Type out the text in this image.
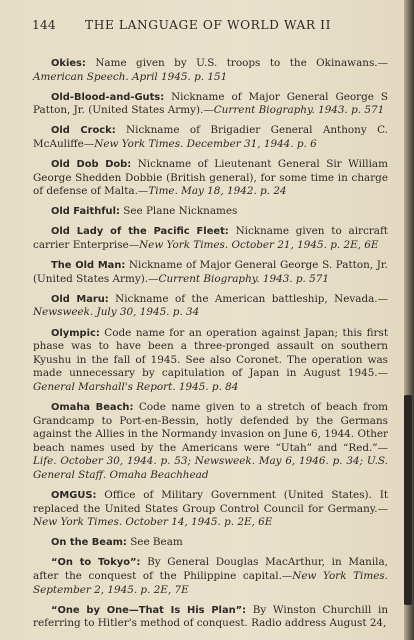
144	THE LANGUAGE OF WORLD WAR II

Okies: Name given by U.S. troops to the Okinawans.—American Speech. April 1945. p. 151

Old-Blood-and-Guts: Nickname of Major General George S Patton, Jr. (United States Army).—Current Biography. 1943. p. 571

Old Crock: Nickname of Brigadier General Anthony C. McAuliffe—New York Times. December 31, 1944. p. 6

Old Dob Dob: Nickname of Lieutenant General Sir William George Shedden Dobbie (British general), for some time in charge of defense of Malta.—Time. May 18, 1942. p. 24

Old Faithful: See Plane Nicknames

Old Lady of the Pacific Fleet: Nickname given to aircraft carrier Enterprise—New York Times. October 21, 1945. p. 2E, 6E

The Old Man: Nickname of Major General George S. Patton, Jr. (United States Army).—Current Biography. 1943. p. 571

Old Maru: Nickname of the American battleship, Nevada.—Newsweek. July 30, 1945. p. 34

Olympic: Code name for an operation against Japan; this first phase was to have been a three-pronged assault on southern Kyushu in the fall of 1945. See also Coronet. The operation was made unnecessary by capitulation of Japan in August 1945.—General Marshall's Report. 1945. p. 84

Omaha Beach: Code name given to a stretch of beach from Grandcamp to Port-en-Bessin, hotly defended by the Germans against the Allies in the Normandy invasion on June 6, 1944. Other beach names used by the Americans were “Utah” and “Red.”—Life. October 30, 1944. p. 53; Newsweek. May 6, 1946. p. 34; U.S. General Staff. Omaha Beachhead

OMGUS: Office of Military Government (United States). It replaced the United States Group Control Council for Germany.—New York Times. October 14, 1945. p. 2E, 6E

On the Beam: See Beam

“On to Tokyo”: By General Douglas MacArthur, in Manila, after the conquest of the Philippine capital.—New York Times. September 2, 1945. p. 2E, 7E

“One by One—That Is His Plan”: By Winston Churchill in referring to Hitler's method of conquest. Radio address August 24,
